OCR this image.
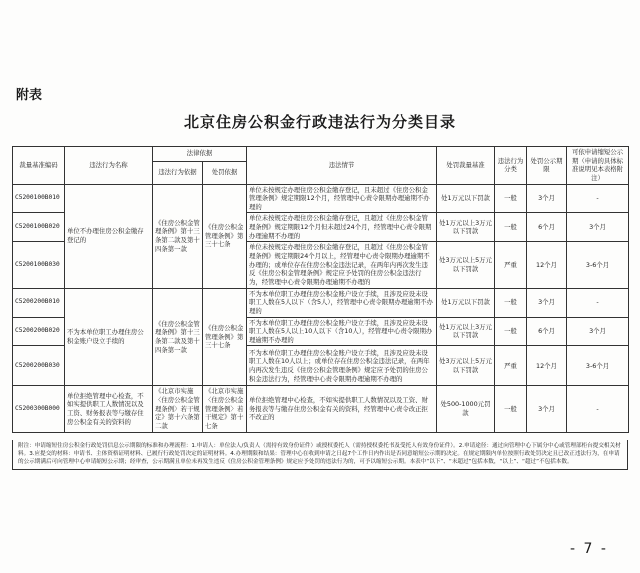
附表
北京住房公积金行政违法行为分类目录
裁量基准编码	违法行为名称	法律依据		违法情节	处罚裁量基准	违法行为分类	处罚公示期限	可依申请缩短公示期（申请的具体标准说明见本表格附注）
		违法行为依据	处罚依据					
C5200100B010	单位不办理住房公积金缴存登记的	《住房公积金管理条例》第十三条第二款及第十四条第一款	《住房公积金管理条例》第三十七条	单位未按规定办理住房公积金缴存登记，且未超过《住房公积金管理条例》规定期限12个月，经管理中心责令限期办理逾期不办理的	处1万元以下罚款	一般	3个月	-
C5200100B020				单位未按规定办理住房公积金缴存登记，且超过《住房公积金管理条例》规定期限12个月但未超过24个月，经管理中心责令限期办理逾期不办理的	处1万元以上3万元以下罚款	一般	6个月	3个月
C5200100B030				单位未按规定办理住房公积金缴存登记，且超过《住房公积金管理条例》规定期限24个月以上，经管理中心责令限期办理逾期不办理的；或单位存在住房公积金违法记录，在两年内再次发生违反《住房公积金管理条例》规定应予处罚的住房公积金违法行为，经管理中心责令限期办理逾期不办理的	处3万元以上5万元以下罚款	严重	12个月	3-6个月
C5200200B010	不为本单位职工办理住房公积金账户设立手续的	《住房公积金管理条例》第十三条第二款及第十四条第一款	《住房公积金管理条例》第三十七条	不为本单位职工办理住房公积金账户设立手续，且涉及应设未设职工人数在5人以下（含5人），经管理中心责令限期办理逾期不办理的	处1万元以下罚款	一般	3个月	-
C5200200B020				不为本单位职工办理住房公积金账户设立手续，且涉及应设未设职工人数在5人以上10人以下（含10人），经管理中心责令限期办理逾期不办理的	处1万元以上3万元以下罚款	一般	6个月	3个月
C5200200B030				不为本单位职工办理住房公积金账户设立手续，且涉及应设未设职工人数在10人以上；或单位存在住房公积金违法记录，在两年内再次发生违反《住房公积金管理条例》规定应予处罚的住房公积金违法行为，经管理中心责令限期办理逾期不办理的	处3万元以上5万元以下罚款	严重	12个月	3-6个月
C5200300B000	单位拒绝管理中心检查，不如实提供职工人数情况以及工资、财务报表等与缴存住房公积金有关的资料的	《北京市实施〈住房公积金管理条例〉若干规定》第十六条第二款	《北京市实施〈住房公积金管理条例〉若干规定》第十七条	单位拒绝管理中心检查，不如实提供职工人数情况以及工资、财务报表等与缴存住房公积金有关的资料，经管理中心责令改正拒不改正的	处500-1000元罚款	一般	3个月	-
附注：申请缩短住房公积金行政处罚信息公示期限的标准和办理流程：1.申请人：单位法人/负责人（需持有效身份证件）或授权委托人（需持授权委托书及受托人有效身份证件）。2.申请途径：通过向管理中心下属分中心或管理部柜台提交相关材料。3.应提交的材料：申请书、主体资格证明材料、已履行行政处罚决定的证明材料。4.办理期限和结果：管理中心在收到申请之日起7个工作日内作出是否同意缩短公示期的决定。在规定期限内单位按照行政处罚决定且已改正违法行为，在申请的公示期满后可向管理中心申请缩短公示期；经审查，公示期满且单位未再发生违反《住房公积金管理条例》规定应予处罚的违法行为的，可予以缩短公示期。本表中“以下”、“未超过”包括本数，“以上”、“超过”不包括本数。
- 7 -
